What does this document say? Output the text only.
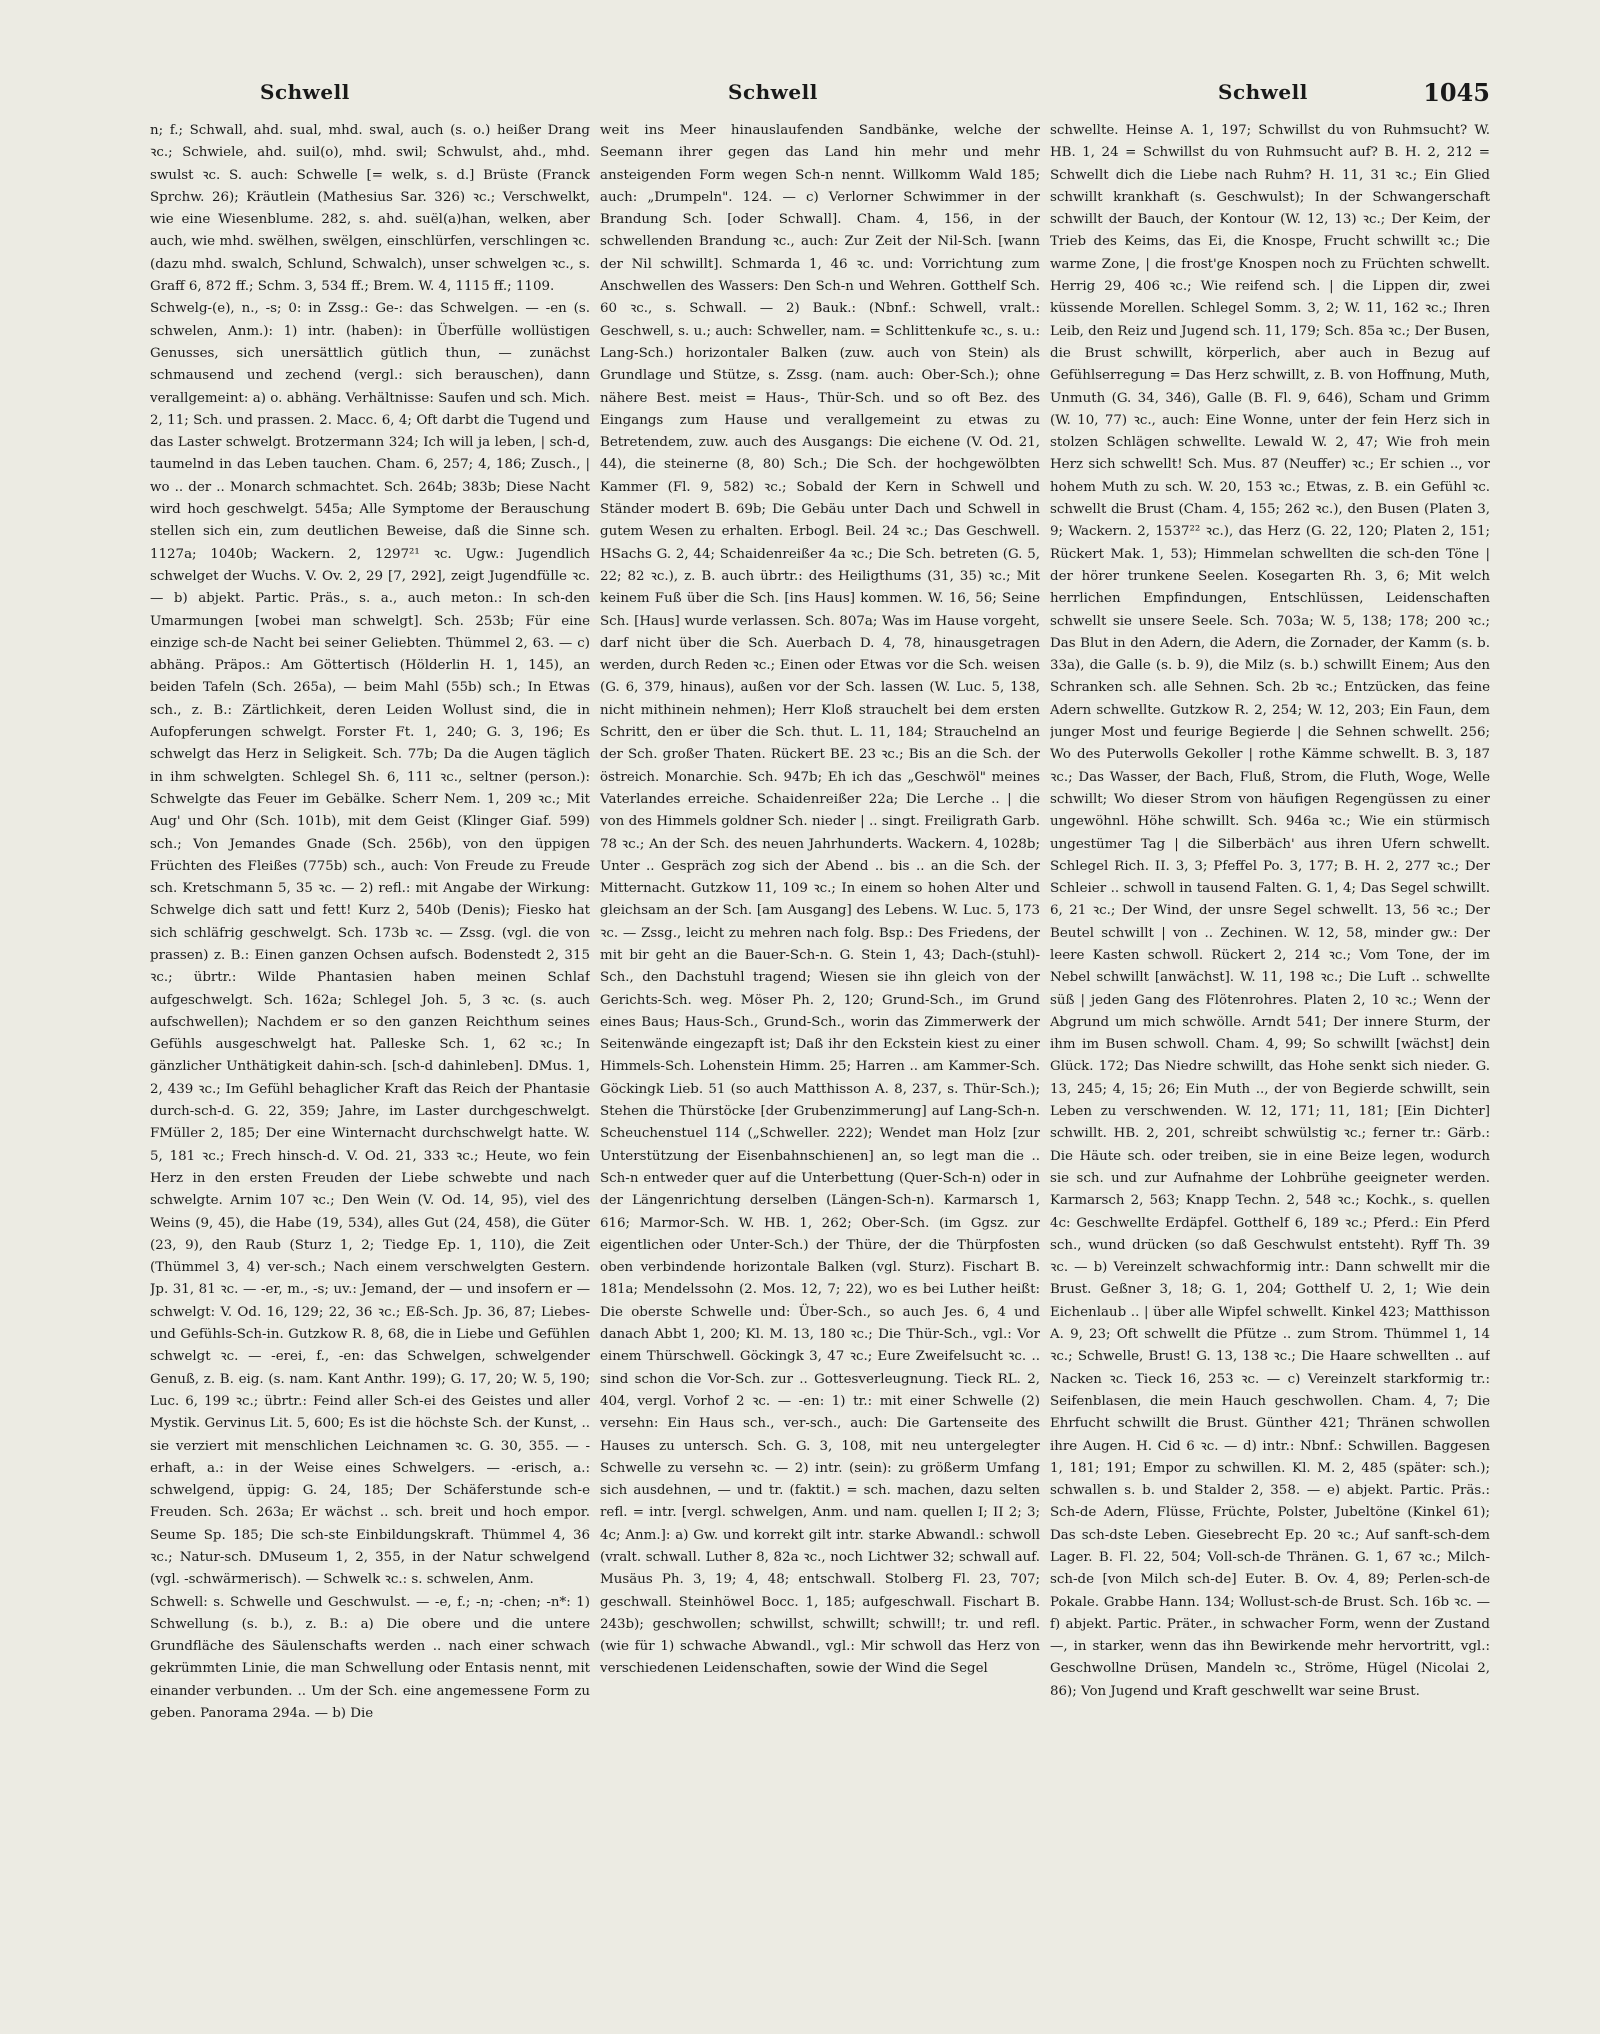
Schwell	Schwell	Schwell	1045

n; f.; Schwall, ahd. sual, mhd. swal, auch (s. o.) heißer Drang ꝛc.; Schwiele, ahd. suil(o), mhd. swil; Schwulst, ahd., mhd. swulst ꝛc. S. auch: Schwelle [= welk, s. d.] Brüste (Franck Sprchw. 26); Kräutlein (Mathesius Sar. 326) ꝛc.; Verschwelkt, wie eine Wiesenblume. 282, s. ahd. suël(a)han, welken, aber auch, wie mhd. swëlhen, swëlgen, einschlürfen, verschlingen ꝛc. (dazu mhd. swalch, Schlund, Schwalch), unser schwelgen ꝛc., s. Graff 6, 872 ff.; Schm. 3, 534 ff.; Brem. W. 4, 1115 ff.; 1109.

Schwelg-(e), n., -s; 0: in Zssg.: Ge-: das Schwelgen. — -en (s. schwelen, Anm.): 1) intr. (haben): in Überfülle wollüstigen Genusses, sich unersättlich gütlich thun, — zunächst schmausend und zechend (vergl.: sich berauschen), dann verallgemeint: a) o. abhäng. Verhältnisse: Saufen und sch. Mich. 2, 11; Sch. und prassen. 2. Macc. 6, 4; Oft darbt die Tugend und das Laster schwelgt. Brotzermann 324; Ich will ja leben, | sch-d, taumelnd in das Leben tauchen. Cham. 6, 257; 4, 186; Zusch., | wo .. der .. Monarch schmachtet. Sch. 264b; 383b; Diese Nacht wird hoch geschwelgt. 545a; Alle Symptome der Berauschung stellen sich ein, zum deutlichen Beweise, daß die Sinne sch. 1127a; 1040b; Wackern. 2, 1297²¹ ꝛc. Ugw.: Jugendlich schwelget der Wuchs. V. Ov. 2, 29 [7, 292], zeigt Jugendfülle ꝛc. — b) abjekt. Partic. Präs., s. a., auch meton.: In sch-den Umarmungen [wobei man schwelgt]. Sch. 253b; Für eine einzige sch-de Nacht bei seiner Geliebten. Thümmel 2, 63. — c) abhäng. Präpos.: Am Göttertisch (Hölderlin H. 1, 145), an beiden Tafeln (Sch. 265a), — beim Mahl (55b) sch.; In Etwas sch., z. B.: Zärtlichkeit, deren Leiden Wollust sind, die in Aufopferungen schwelgt. Forster Ft. 1, 240; G. 3, 196; Es schwelgt das Herz in Seligkeit. Sch. 77b; Da die Augen täglich in ihm schwelgten. Schlegel Sh. 6, 111 ꝛc., seltner (person.): Schwelgte das Feuer im Gebälke. Scherr Nem. 1, 209 ꝛc.; Mit Aug' und Ohr (Sch. 101b), mit dem Geist (Klinger Giaf. 599) sch.; Von Jemandes Gnade (Sch. 256b), von den üppigen Früchten des Fleißes (775b) sch., auch: Von Freude zu Freude sch. Kretschmann 5, 35 ꝛc. — 2) refl.: mit Angabe der Wirkung: Schwelge dich satt und fett! Kurz 2, 540b (Denis); Fiesko hat sich schläfrig geschwelgt. Sch. 173b ꝛc. — Zssg. (vgl. die von prassen) z. B.: Einen ganzen Ochsen aufsch. Bodenstedt 2, 315 ꝛc.; übrtr.: Wilde Phantasien haben meinen Schlaf aufgeschwelgt. Sch. 162a; Schlegel Joh. 5, 3 ꝛc. (s. auch aufschwellen); Nachdem er so den ganzen Reichthum seines Gefühls ausgeschwelgt hat. Palleske Sch. 1, 62 ꝛc.; In gänzlicher Unthätigkeit dahin-sch. [sch-d dahinleben]. DMus. 1, 2, 439 ꝛc.; Im Gefühl behaglicher Kraft das Reich der Phantasie durch-sch-d. G. 22, 359; Jahre, im Laster durchgeschwelgt. FMüller 2, 185; Der eine Winternacht durchschwelgt hatte. W. 5, 181 ꝛc.; Frech hinsch-d. V. Od. 21, 333 ꝛc.; Heute, wo fein Herz in den ersten Freuden der Liebe schwebte und nach schwelgte. Arnim 107 ꝛc.; Den Wein (V. Od. 14, 95), viel des Weins (9, 45), die Habe (19, 534), alles Gut (24, 458), die Güter (23, 9), den Raub (Sturz 1, 2; Tiedge Ep. 1, 110), die Zeit (Thümmel 3, 4) ver-sch.; Nach einem verschwelgten Gestern. Jp. 31, 81 ꝛc. — -er, m., -s; uv.: Jemand, der — und insofern er — schwelgt: V. Od. 16, 129; 22, 36 ꝛc.; Eß-Sch. Jp. 36, 87; Liebes- und Gefühls-Sch-in. Gutzkow R. 8, 68, die in Liebe und Gefühlen schwelgt ꝛc. — -erei, f., -en: das Schwelgen, schwelgender Genuß, z. B. eig. (s. nam. Kant Anthr. 199); G. 17, 20; W. 5, 190; Luc. 6, 199 ꝛc.; übrtr.: Feind aller Sch-ei des Geistes und aller Mystik. Gervinus Lit. 5, 600; Es ist die höchste Sch. der Kunst, .. sie verziert mit menschlichen Leichnamen ꝛc. G. 30, 355. — -erhaft, a.: in der Weise eines Schwelgers. — -erisch, a.: schwelgend, üppig: G. 24, 185; Der Schäferstunde sch-e Freuden. Sch. 263a; Er wächst .. sch. breit und hoch empor. Seume Sp. 185; Die sch-ste Einbildungskraft. Thümmel 4, 36 ꝛc.; Natur-sch. DMuseum 1, 2, 355, in der Natur schwelgend (vgl. -schwärmerisch). — Schwelk ꝛc.: s. schwelen, Anm.

Schwell: s. Schwelle und Geschwulst. — -e, f.; -n; -chen; -n*: 1) Schwellung (s. b.), z. B.: a) Die obere und die untere Grundfläche des Säulenschafts werden .. nach einer schwach gekrümmten Linie, die man Schwellung oder Entasis nennt, mit einander verbunden. .. Um der Sch. eine angemessene Form zu geben. Panorama 294a. — b) Die

weit ins Meer hinauslaufenden Sandbänke, welche der Seemann ihrer gegen das Land hin mehr und mehr ansteigenden Form wegen Sch-n nennt. Willkomm Wald 185; auch: „Drumpeln". 124. — c) Verlorner Schwimmer in der Brandung Sch. [oder Schwall]. Cham. 4, 156, in der schwellenden Brandung ꝛc., auch: Zur Zeit der Nil-Sch. [wann der Nil schwillt]. Schmarda 1, 46 ꝛc. und: Vorrichtung zum Anschwellen des Wassers: Den Sch-n und Wehren. Gotthelf Sch. 60 ꝛc., s. Schwall. — 2) Bauk.: (Nbnf.: Schwell, vralt.: Geschwell, s. u.; auch: Schweller, nam. = Schlittenkufe ꝛc., s. u.: Lang-Sch.) horizontaler Balken (zuw. auch von Stein) als Grundlage und Stütze, s. Zssg. (nam. auch: Ober-Sch.); ohne nähere Best. meist = Haus-, Thür-Sch. und so oft Bez. des Eingangs zum Hause und verallgemeint zu etwas zu Betretendem, zuw. auch des Ausgangs: Die eichene (V. Od. 21, 44), die steinerne (8, 80) Sch.; Die Sch. der hochgewölbten Kammer (Fl. 9, 582) ꝛc.; Sobald der Kern in Schwell und Ständer modert B. 69b; Die Gebäu unter Dach und Schwell in gutem Wesen zu erhalten. Erbogl. Beil. 24 ꝛc.; Das Geschwell. HSachs G. 2, 44; Schaidenreißer 4a ꝛc.; Die Sch. betreten (G. 5, 22; 82 ꝛc.), z. B. auch übrtr.: des Heiligthums (31, 35) ꝛc.; Mit keinem Fuß über die Sch. [ins Haus] kommen. W. 16, 56; Seine Sch. [Haus] wurde verlassen. Sch. 807a; Was im Hause vorgeht, darf nicht über die Sch. Auerbach D. 4, 78, hinausgetragen werden, durch Reden ꝛc.; Einen oder Etwas vor die Sch. weisen (G. 6, 379, hinaus), außen vor der Sch. lassen (W. Luc. 5, 138, nicht mithinein nehmen); Herr Kloß strauchelt bei dem ersten Schritt, den er über die Sch. thut. L. 11, 184; Strauchelnd an der Sch. großer Thaten. Rückert BE. 23 ꝛc.; Bis an die Sch. der östreich. Monarchie. Sch. 947b; Eh ich das „Geschwöl" meines Vaterlandes erreiche. Schaidenreißer 22a; Die Lerche .. | die von des Himmels goldner Sch. nieder | .. singt. Freiligrath Garb. 78 ꝛc.; An der Sch. des neuen Jahrhunderts. Wackern. 4, 1028b; Unter .. Gespräch zog sich der Abend .. bis .. an die Sch. der Mitternacht. Gutzkow 11, 109 ꝛc.; In einem so hohen Alter und gleichsam an der Sch. [am Ausgang] des Lebens. W. Luc. 5, 173 ꝛc. — Zssg., leicht zu mehren nach folg. Bsp.: Des Friedens, der mit bir geht an die Bauer-Sch-n. G. Stein 1, 43; Dach-(stuhl)-Sch., den Dachstuhl tragend; Wiesen sie ihn gleich von der Gerichts-Sch. weg. Möser Ph. 2, 120; Grund-Sch., im Grund eines Baus; Haus-Sch., Grund-Sch., worin das Zimmerwerk der Seitenwände eingezapft ist; Daß ihr den Eckstein kiest zu einer Himmels-Sch. Lohenstein Himm. 25; Harren .. am Kammer-Sch. Göckingk Lieb. 51 (so auch Matthisson A. 8, 237, s. Thür-Sch.); Stehen die Thürstöcke [der Grubenzimmerung] auf Lang-Sch-n. Scheuchenstuel 114 („Schweller. 222); Wendet man Holz [zur Unterstützung der Eisenbahnschienen] an, so legt man die .. Sch-n entweder quer auf die Unterbettung (Quer-Sch-n) oder in der Längenrichtung derselben (Längen-Sch-n). Karmarsch 1, 616; Marmor-Sch. W. HB. 1, 262; Ober-Sch. (im Ggsz. zur eigentlichen oder Unter-Sch.) der Thüre, der die Thürpfosten oben verbindende horizontale Balken (vgl. Sturz). Fischart B. 181a; Mendelssohn (2. Mos. 12, 7; 22), wo es bei Luther heißt: Die oberste Schwelle und: Über-Sch., so auch Jes. 6, 4 und danach Abbt 1, 200; Kl. M. 13, 180 ꝛc.; Die Thür-Sch., vgl.: Vor einem Thürschwell. Göckingk 3, 47 ꝛc.; Eure Zweifelsucht ꝛc. .. sind schon die Vor-Sch. zur .. Gottesverleugnung. Tieck RL. 2, 404, vergl. Vorhof 2 ꝛc. — -en: 1) tr.: mit einer Schwelle (2) versehn: Ein Haus sch., ver-sch., auch: Die Gartenseite des Hauses zu untersch. Sch. G. 3, 108, mit neu untergelegter Schwelle zu versehn ꝛc. — 2) intr. (sein): zu größerm Umfang sich ausdehnen, — und tr. (faktit.) = sch. machen, dazu selten refl. = intr. [vergl. schwelgen, Anm. und nam. quellen I; II 2; 3; 4c; Anm.]: a) Gw. und korrekt gilt intr. starke Abwandl.: schwoll (vralt. schwall. Luther 8, 82a ꝛc., noch Lichtwer 32; schwall auf. Musäus Ph. 3, 19; 4, 48; entschwall. Stolberg Fl. 23, 707; geschwall. Steinhöwel Bocc. 1, 185; aufgeschwall. Fischart B. 243b); geschwollen; schwillst, schwillt; schwill!; tr. und refl. (wie für 1) schwache Abwandl., vgl.: Mir schwoll das Herz von verschiedenen Leidenschaften, sowie der Wind die Segel

schwellte. Heinse A. 1, 197; Schwillst du von Ruhmsucht? W. HB. 1, 24 = Schwillst du von Ruhmsucht auf? B. H. 2, 212 = Schwellt dich die Liebe nach Ruhm? H. 11, 31 ꝛc.; Ein Glied schwillt krankhaft (s. Geschwulst); In der Schwangerschaft schwillt der Bauch, der Kontour (W. 12, 13) ꝛc.; Der Keim, der Trieb des Keims, das Ei, die Knospe, Frucht schwillt ꝛc.; Die warme Zone, | die frost'ge Knospen noch zu Früchten schwellt. Herrig 29, 406 ꝛc.; Wie reifend sch. | die Lippen dir, zwei küssende Morellen. Schlegel Somm. 3, 2; W. 11, 162 ꝛc.; Ihren Leib, den Reiz und Jugend sch. 11, 179; Sch. 85a ꝛc.; Der Busen, die Brust schwillt, körperlich, aber auch in Bezug auf Gefühlserregung = Das Herz schwillt, z. B. von Hoffnung, Muth, Unmuth (G. 34, 346), Galle (B. Fl. 9, 646), Scham und Grimm (W. 10, 77) ꝛc., auch: Eine Wonne, unter der fein Herz sich in stolzen Schlägen schwellte. Lewald W. 2, 47; Wie froh mein Herz sich schwellt! Sch. Mus. 87 (Neuffer) ꝛc.; Er schien .., vor hohem Muth zu sch. W. 20, 153 ꝛc.; Etwas, z. B. ein Gefühl ꝛc. schwellt die Brust (Cham. 4, 155; 262 ꝛc.), den Busen (Platen 3, 9; Wackern. 2, 1537²² ꝛc.), das Herz (G. 22, 120; Platen 2, 151; Rückert Mak. 1, 53); Himmelan schwellten die sch-den Töne | der hörer trunkene Seelen. Kosegarten Rh. 3, 6; Mit welch herrlichen Empfindungen, Entschlüssen, Leidenschaften schwellt sie unsere Seele. Sch. 703a; W. 5, 138; 178; 200 ꝛc.; Das Blut in den Adern, die Adern, die Zornader, der Kamm (s. b. 33a), die Galle (s. b. 9), die Milz (s. b.) schwillt Einem; Aus den Schranken sch. alle Sehnen. Sch. 2b ꝛc.; Entzücken, das feine Adern schwellte. Gutzkow R. 2, 254; W. 12, 203; Ein Faun, dem junger Most und feurige Begierde | die Sehnen schwellt. 256; Wo des Puterwolls Gekoller | rothe Kämme schwellt. B. 3, 187 ꝛc.; Das Wasser, der Bach, Fluß, Strom, die Fluth, Woge, Welle schwillt; Wo dieser Strom von häufigen Regengüssen zu einer ungewöhnl. Höhe schwillt. Sch. 946a ꝛc.; Wie ein stürmisch ungestümer Tag | die Silberbäch' aus ihren Ufern schwellt. Schlegel Rich. II. 3, 3; Pfeffel Po. 3, 177; B. H. 2, 277 ꝛc.; Der Schleier .. schwoll in tausend Falten. G. 1, 4; Das Segel schwillt. 6, 21 ꝛc.; Der Wind, der unsre Segel schwellt. 13, 56 ꝛc.; Der Beutel schwillt | von .. Zechinen. W. 12, 58, minder gw.: Der leere Kasten schwoll. Rückert 2, 214 ꝛc.; Vom Tone, der im Nebel schwillt [anwächst]. W. 11, 198 ꝛc.; Die Luft .. schwellte süß | jeden Gang des Flötenrohres. Platen 2, 10 ꝛc.; Wenn der Abgrund um mich schwölle. Arndt 541; Der innere Sturm, der ihm im Busen schwoll. Cham. 4, 99; So schwillt [wächst] dein Glück. 172; Das Niedre schwillt, das Hohe senkt sich nieder. G. 13, 245; 4, 15; 26; Ein Muth .., der von Begierde schwillt, sein Leben zu verschwenden. W. 12, 171; 11, 181; [Ein Dichter] schwillt. HB. 2, 201, schreibt schwülstig ꝛc.; ferner tr.: Gärb.: Die Häute sch. oder treiben, sie in eine Beize legen, wodurch sie sch. und zur Aufnahme der Lohbrühe geeigneter werden. Karmarsch 2, 563; Knapp Techn. 2, 548 ꝛc.; Kochk., s. quellen 4c: Geschwellte Erdäpfel. Gotthelf 6, 189 ꝛc.; Pferd.: Ein Pferd sch., wund drücken (so daß Geschwulst entsteht). Ryff Th. 39 ꝛc. — b) Vereinzelt schwachformig intr.: Dann schwellt mir die Brust. Geßner 3, 18; G. 1, 204; Gotthelf U. 2, 1; Wie dein Eichenlaub .. | über alle Wipfel schwellt. Kinkel 423; Matthisson A. 9, 23; Oft schwellt die Pfütze .. zum Strom. Thümmel 1, 14 ꝛc.; Schwelle, Brust! G. 13, 138 ꝛc.; Die Haare schwellten .. auf Nacken ꝛc. Tieck 16, 253 ꝛc. — c) Vereinzelt starkformig tr.: Seifenblasen, die mein Hauch geschwollen. Cham. 4, 7; Die Ehrfucht schwillt die Brust. Günther 421; Thränen schwollen ihre Augen. H. Cid 6 ꝛc. — d) intr.: Nbnf.: Schwillen. Baggesen 1, 181; 191; Empor zu schwillen. Kl. M. 2, 485 (später: sch.); schwallen s. b. und Stalder 2, 358. — e) abjekt. Partic. Präs.: Sch-de Adern, Flüsse, Früchte, Polster, Jubeltöne (Kinkel 61); Das sch-dste Leben. Giesebrecht Ep. 20 ꝛc.; Auf sanft-sch-dem Lager. B. Fl. 22, 504; Voll-sch-de Thränen. G. 1, 67 ꝛc.; Milch-sch-de [von Milch sch-de] Euter. B. Ov. 4, 89; Perlen-sch-de Pokale. Grabbe Hann. 134; Wollust-sch-de Brust. Sch. 16b ꝛc. — f) abjekt. Partic. Präter., in schwacher Form, wenn der Zustand —, in starker, wenn das ihn Bewirkende mehr hervortritt, vgl.: Geschwollne Drüsen, Mandeln ꝛc., Ströme, Hügel (Nicolai 2, 86); Von Jugend und Kraft geschwellt war seine Brust.
